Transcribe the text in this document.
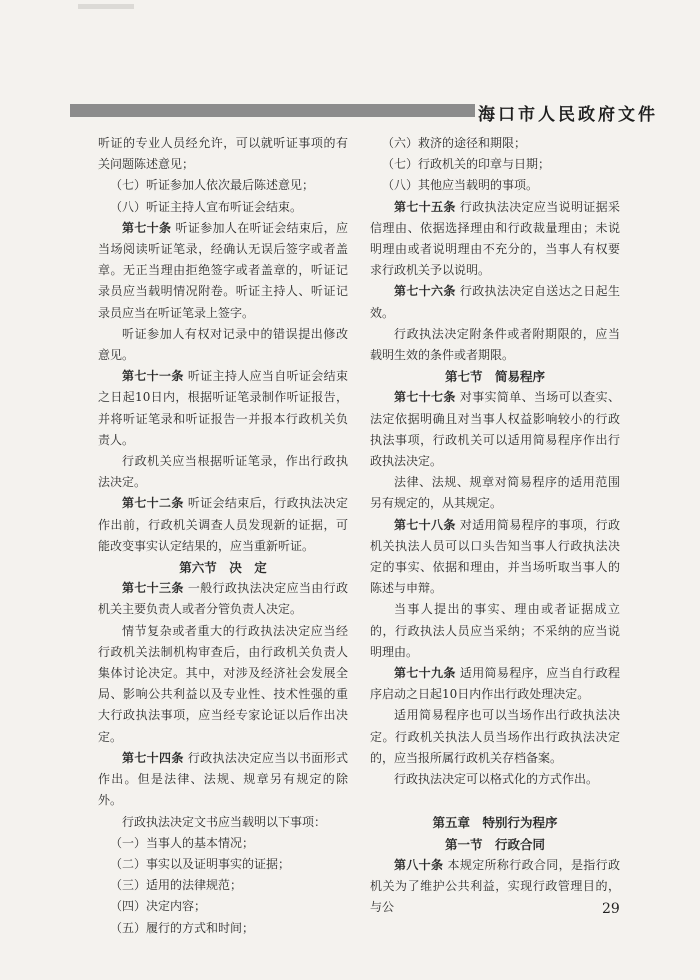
海口市人民政府文件

听证的专业人员经允许，可以就听证事项的有关问题陈述意见；

（七）听证参加人依次最后陈述意见；

（八）听证主持人宣布听证会结束。

第七十条 听证参加人在听证会结束后，应当场阅读听证笔录，经确认无误后签字或者盖章。无正当理由拒绝签字或者盖章的，听证记录员应当载明情况附卷。听证主持人、听证记录员应当在听证笔录上签字。

听证参加人有权对记录中的错误提出修改意见。

第七十一条 听证主持人应当自听证会结束之日起10日内，根据听证笔录制作听证报告，并将听证笔录和听证报告一并报本行政机关负责人。

行政机关应当根据听证笔录，作出行政执法决定。

第七十二条 听证会结束后，行政执法决定作出前，行政机关调查人员发现新的证据，可能改变事实认定结果的，应当重新听证。

第六节　决　定

第七十三条 一般行政执法决定应当由行政机关主要负责人或者分管负责人决定。

情节复杂或者重大的行政执法决定应当经行政机关法制机构审查后，由行政机关负责人集体讨论决定。其中，对涉及经济社会发展全局、影响公共利益以及专业性、技术性强的重大行政执法事项，应当经专家论证以后作出决定。

第七十四条 行政执法决定应当以书面形式作出。但是法律、法规、规章另有规定的除外。

行政执法决定文书应当载明以下事项：

（一）当事人的基本情况；

（二）事实以及证明事实的证据；

（三）适用的法律规范；

（四）决定内容；

（五）履行的方式和时间；

（六）救济的途径和期限；

（七）行政机关的印章与日期；

（八）其他应当载明的事项。

第七十五条 行政执法决定应当说明证据采信理由、依据选择理由和行政裁量理由；未说明理由或者说明理由不充分的，当事人有权要求行政机关予以说明。

第七十六条 行政执法决定自送达之日起生效。

行政执法决定附条件或者附期限的，应当载明生效的条件或者期限。

第七节　简易程序

第七十七条 对事实简单、当场可以查实、法定依据明确且对当事人权益影响较小的行政执法事项，行政机关可以适用简易程序作出行政执法决定。

法律、法规、规章对简易程序的适用范围另有规定的，从其规定。

第七十八条 对适用简易程序的事项，行政机关执法人员可以口头告知当事人行政执法决定的事实、依据和理由，并当场听取当事人的陈述与申辩。

当事人提出的事实、理由或者证据成立的，行政执法人员应当采纳；不采纳的应当说明理由。

第七十九条 适用简易程序，应当自行政程序启动之日起10日内作出行政处理决定。

适用简易程序也可以当场作出行政执法决定。行政机关执法人员当场作出行政执法决定的，应当报所属行政机关存档备案。

行政执法决定可以格式化的方式作出。

第五章　特别行为程序

第一节　行政合同

第八十条 本规定所称行政合同，是指行政机关为了维护公共利益，实现行政管理目的，与公	29
